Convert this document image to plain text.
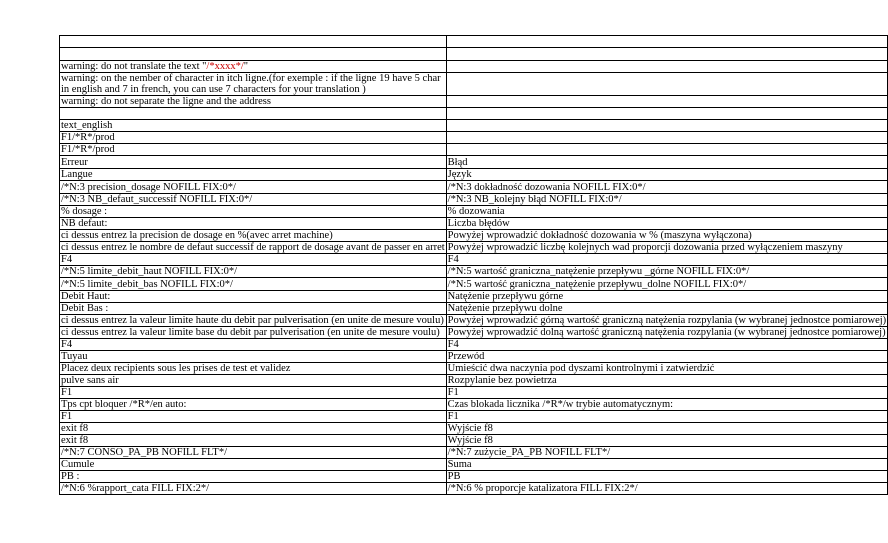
warning: do not translate the text "/*xxxx*/"	
warning: on the nember of character in itch ligne.(for exemple : if the ligne 19 have 5 char in english and 7 in french, you can use 7 characters for your translation )	
warning: do not separate the ligne and the address	

text_english	
F1/*R*/prod	
F1/*R*/prod	
Erreur	Błąd
Langue	Język
/*N:3 precision_dosage NOFILL FIX:0*/	/*N:3 dokładność dozowania NOFILL FIX:0*/
/*N:3 NB_defaut_successif NOFILL FIX:0*/	/*N:3 NB_kolejny błąd NOFILL FIX:0*/
% dosage :	% dozowania
NB defaut:	Liczba błędów
ci dessus entrez la precision de dosage en %(avec arret machine)	Powyżej wprowadzić dokładność dozowania w % (maszyna wyłączona)
ci dessus entrez le nombre de defaut successif de rapport de dosage avant de passer en arret	Powyżej wprowadzić liczbę kolejnych wad proporcji dozowania przed wyłączeniem maszyny
F4	F4
/*N:5 limite_debit_haut NOFILL FIX:0*/	/*N:5 wartość graniczna_natężenie przepływu _górne NOFILL FIX:0*/
/*N:5 limite_debit_bas NOFILL FIX:0*/	/*N:5 wartość graniczna_natężenie przepływu_dolne NOFILL FIX:0*/
Debit Haut:	Natężenie przepływu górne
Debit Bas :	Natężenie przepływu dolne
ci dessus entrez la valeur limite haute du debit par pulverisation (en unite de mesure voulu)	Powyżej wprowadzić górną wartość graniczną natężenia rozpylania (w wybranej jednostce pomiarowej)
ci dessus entrez la valeur limite base du debit par pulverisation (en unite de mesure voulu)	Powyżej wprowadzić dolną wartość graniczną natężenia rozpylania (w wybranej jednostce pomiarowej)
F4	F4
Tuyau	Przewód
Placez deux recipients sous les prises de test et validez	Umieścić dwa naczynia pod dyszami kontrolnymi i zatwierdzić
pulve sans air	Rozpylanie bez powietrza
F1	F1
Tps cpt bloquer /*R*/en auto:	Czas blokada licznika /*R*/w trybie automatycznym:
F1	F1
exit f8	Wyjście f8
exit f8	Wyjście f8
/*N:7 CONSO_PA_PB NOFILL FLT*/	/*N:7 zużycie_PA_PB NOFILL FLT*/
Cumule	Suma
PB :	PB
/*N:6 %rapport_cata FILL FIX:2*/	/*N:6 % proporcje katalizatora FILL FIX:2*/
